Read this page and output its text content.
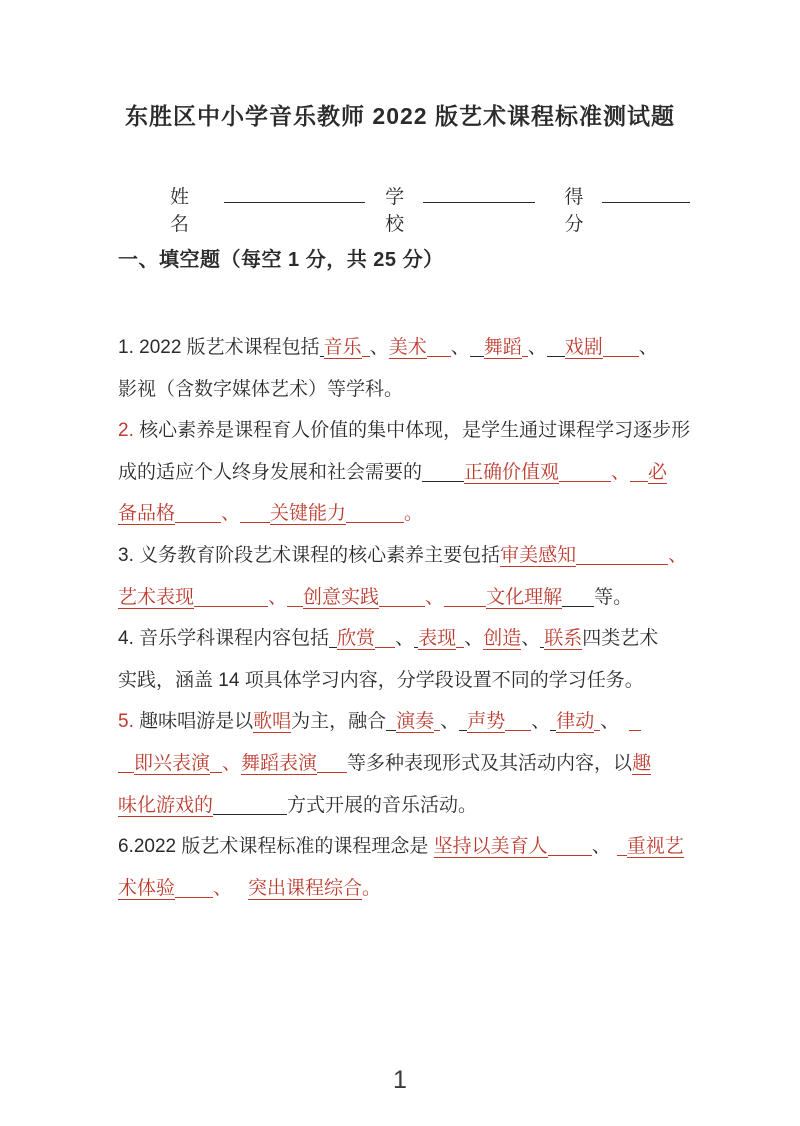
东胜区中小学音乐教师 2022 版艺术课程标准测试题
姓名
学校
得分
一、填空题（每空 1 分，共 25 分）
1. 2022 版艺术课程包括 音乐 、美术 、 舞蹈 、 戏剧 、
影视（含数字媒体艺术）等学科。
2. 核心素养是课程育人价值的集中体现，是学生通过课程学习逐步形
成的适应个人终身发展和社会需要的 正确价值观	、 必
备品格 、 关键能力	。
3. 义务教育阶段艺术课程的核心素养主要包括审美感知	、
艺术表现	、 创意实践 、 文化理解 等。
4. 音乐学科课程内容包括 欣赏 、 表现 、创造、 联系四类艺术
实践，涵盖 14 项具体学习内容，分学段设置不同的学习任务。
5. 趣味唱游是以歌唱为主，融合 演奏 、 声势 、 律动 、
即兴表演 、舞蹈表演 等多种表现形式及其活动内容，以趣
味化游戏的	方式开展的音乐活动。
6.2022 版艺术课程标准的课程理念是 坚持以美育人 、 重视艺
术体验 、 突出课程综合。
1
